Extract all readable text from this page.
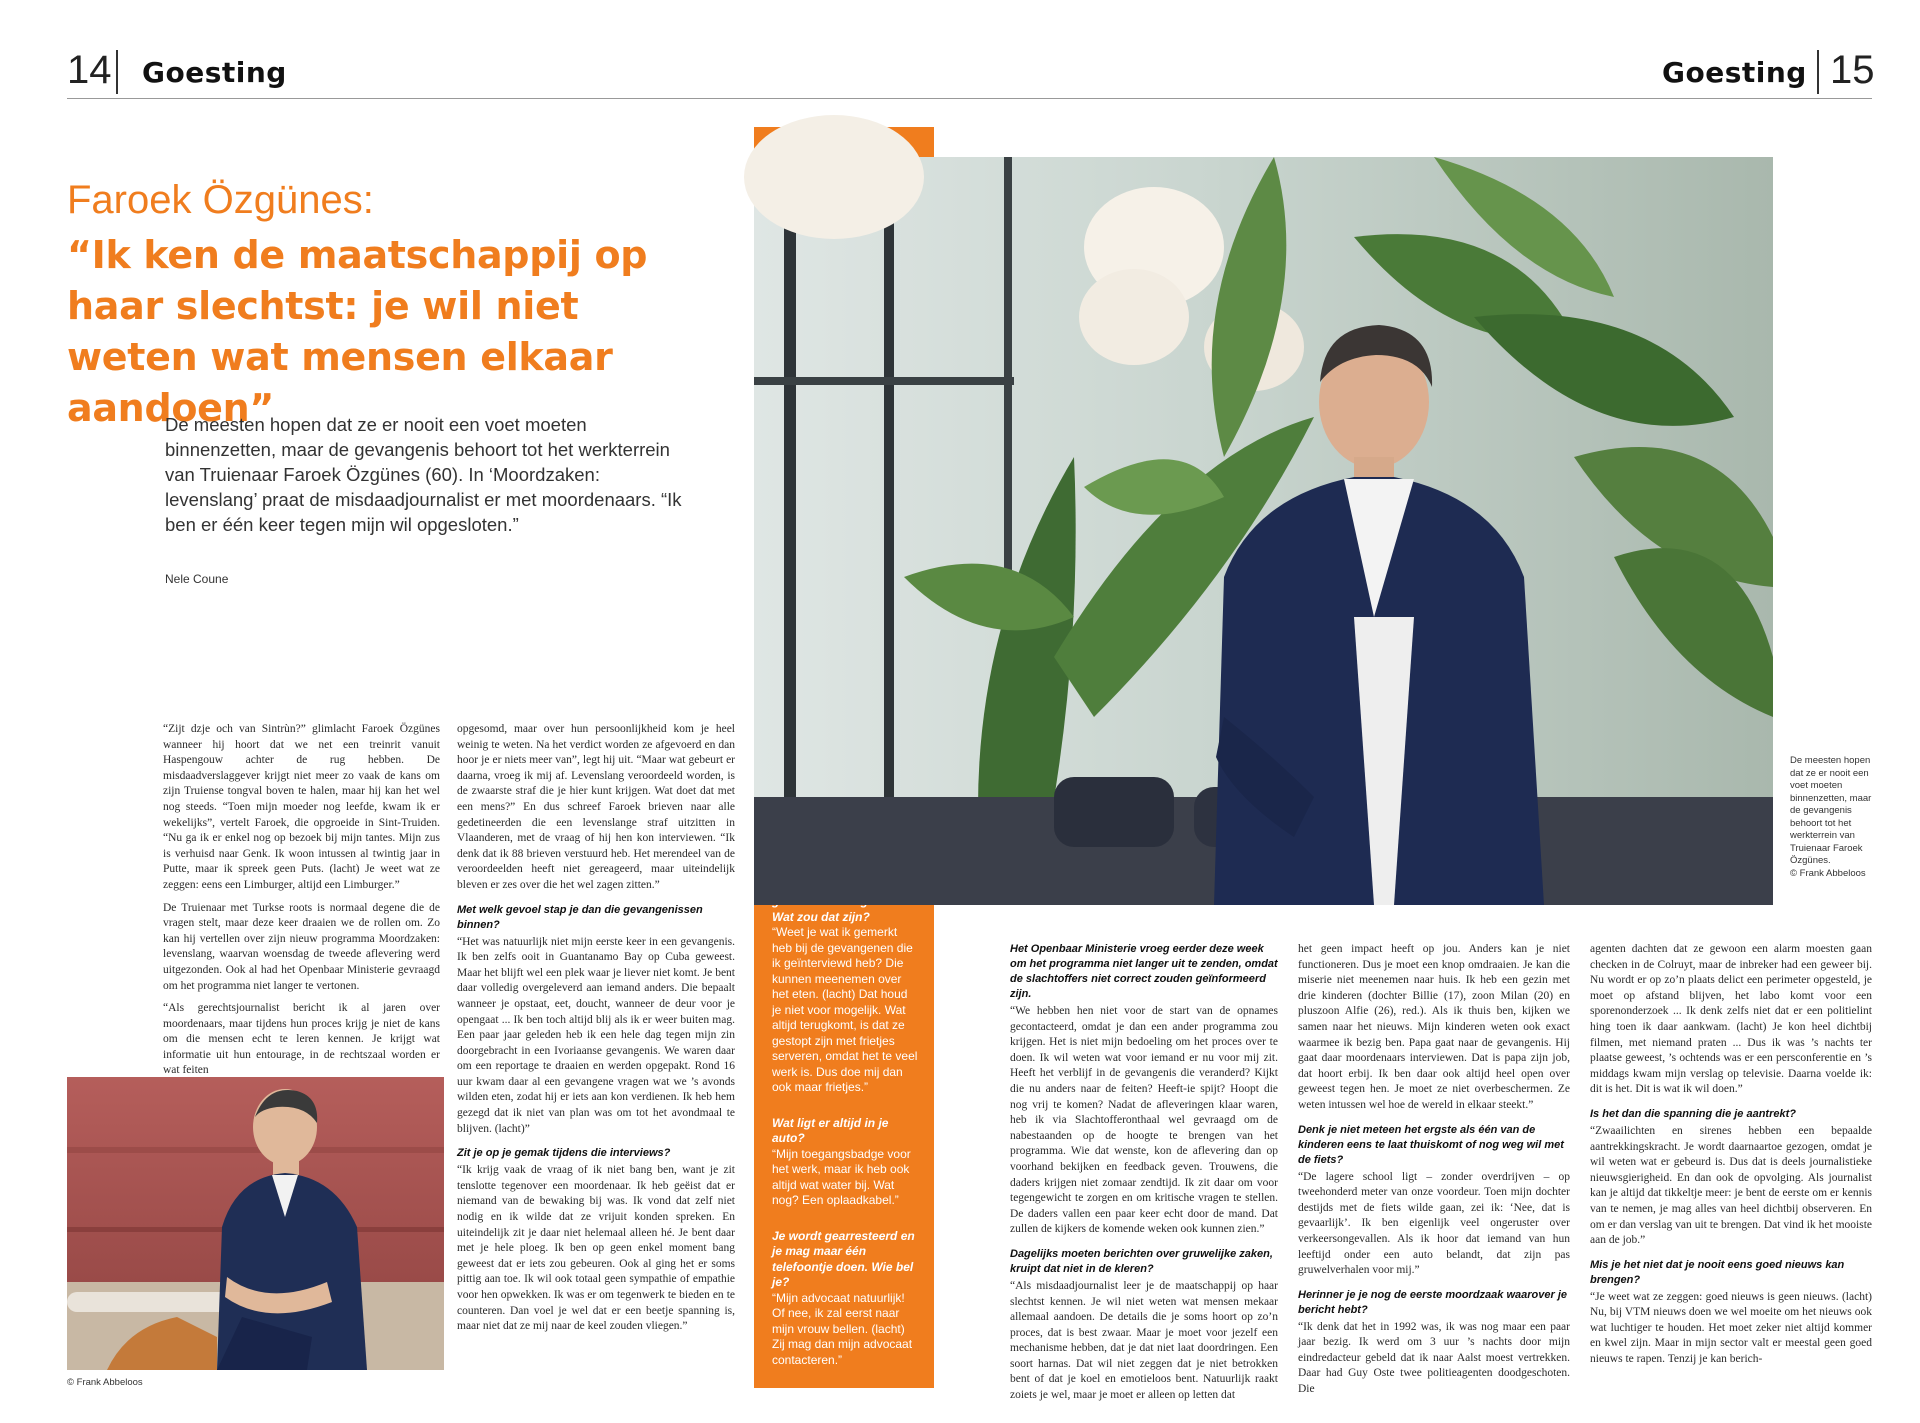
14 Goesting	Goesting 15
Faroek Özgünes:
“Ik ken de maatschappij op haar slechtst: je wil niet weten wat mensen elkaar aandoen”
De meesten hopen dat ze er nooit een voet moeten binnenzetten, maar de gevangenis behoort tot het werkterrein van Truienaar Faroek Özgünes (60). In ‘Moordzaken: levenslang’ praat de misdaadjournalist er met moordenaars. “Ik ben er één keer tegen mijn wil opgesloten.”
Nele Coune

“Zijt dzje och van Sintrùn?” glimlacht Faroek Özgünes wanneer hij hoort dat we net een treinrit vanuit Haspengouw achter de rug hebben. De misdaadverslaggever krijgt niet meer zo vaak de kans om zijn Truiense tongval boven te halen, maar hij kan het wel nog steeds. “Toen mijn moeder nog leefde, kwam ik er wekelijks”, vertelt Faroek, die opgroeide in Sint-Truiden. “Nu ga ik er enkel nog op bezoek bij mijn tantes. Mijn zus is verhuisd naar Genk. Ik woon intussen al twintig jaar in Putte, maar ik spreek geen Puts. (lacht) Je weet wat ze zeggen: eens een Limburger, altijd een Limburger.”

De Truienaar met Turkse roots is normaal degene die de vragen stelt, maar deze keer draaien we de rollen om. Zo kan hij vertellen over zijn nieuw programma Moordzaken: levenslang, waarvan woensdag de tweede aflevering werd uitgezonden. Ook al had het Openbaar Ministerie gevraagd om het programma niet langer te vertonen.

“Als gerechtsjournalist bericht ik al jaren over moordenaars, maar tijdens hun proces krijg je niet de kans om die mensen echt te leren kennen. Je krijgt wat informatie uit hun entourage, in de rechtszaal worden er wat feiten

© Frank Abbeloos

opgesomd, maar over hun persoonlijkheid kom je heel weinig te weten. Na het verdict worden ze afgevoerd en dan hoor je er niets meer van”, legt hij uit. “Maar wat gebeurt er daarna, vroeg ik mij af. Levenslang veroordeeld worden, is de zwaarste straf die je hier kunt krijgen. Wat doet dat met een mens?” En dus schreef Faroek brieven naar alle gedetineerden die een levenslange straf uitzitten in Vlaanderen, met de vraag of hij hen kon interviewen. “Ik denk dat ik 88 brieven verstuurd heb. Het merendeel van de veroordeelden heeft niet gereageerd, maar uiteindelijk bleven er zes over die het wel zagen zitten.”

Met welk gevoel stap je dan die gevangenissen binnen?

“Het was natuurlijk niet mijn eerste keer in een gevangenis. Ik ben zelfs ooit in Guantanamo Bay op Cuba geweest. Maar het blijft wel een plek waar je liever niet komt. Je bent daar volledig overgeleverd aan iemand anders. Die bepaalt wanneer je opstaat, eet, doucht, wanneer de deur voor je opengaat ... Ik ben toch altijd blij als ik er weer buiten mag. Een paar jaar geleden heb ik een hele dag tegen mijn zin doorgebracht in een Ivoriaanse gevangenis. We waren daar om een reportage te draaien en werden opgepakt. Rond 16 uur kwam daar al een gevangene vragen wat we ’s avonds wilden eten, zodat hij er iets aan kon verdienen. Ik heb hem gezegd dat ik niet van plan was om tot het avondmaal te blijven. (lacht)”

Zit je op je gemak tijdens die interviews?

“Ik krijg vaak de vraag of ik niet bang ben, want je zit tenslotte tegenover een moordenaar. Ik heb geëist dat er niemand van de bewaking bij was. Ik vond dat zelf niet nodig en ik wilde dat ze vrijuit konden spreken. En uiteindelijk zit je daar niet helemaal alleen hé. Je bent daar met je hele ploeg. Ik ben op geen enkel moment bang geweest dat er iets zou gebeuren. Ook al ging het er soms pittig aan toe. Ik wil ook totaal geen sympathie of empathie voor hen opwekken. Ik was er om tegenwerk te bieden en te counteren. Dan voel je wel dat er een beetje spanning is, maar niet dat ze mij naar de keel zouden vliegen.”

Wat zou dat zijn?
“Weet je wat ik gemerkt heb bij de gevangenen die ik geïnterviewd heb? Die kunnen meenemen over het eten. (lacht) Dat houd je niet voor mogelijk. Wat altijd terugkomt, is dat ze gestopt zijn met frietjes serveren, omdat het te veel werk is. Dus doe mij dan ook maar frietjes.”
Wat ligt er altijd in je auto?
“Mijn toegangsbadge voor het werk, maar ik heb ook altijd wat water bij. Wat nog? Een oplaadkabel.”
Je wordt gearresteerd en je mag maar één telefoontje doen. Wie bel je?
“Mijn advocaat natuurlijk! Of nee, ik zal eerst naar mijn vrouw bellen. (lacht) Zij mag dan mijn advocaat contacteren.”
De meesten hopen dat ze er nooit een voet moeten binnenzetten, maar de gevangenis behoort tot het werkterrein van Truienaar Faroek Özgünes.
© Frank Abbeloos
Het Openbaar Ministerie vroeg eerder deze week om het programma niet langer uit te zenden, omdat de slachtoffers niet correct zouden geïnformeerd zijn.

“We hebben hen niet voor de start van de opnames gecontacteerd, omdat je dan een ander programma zou krijgen. Het is niet mijn bedoeling om het proces over te doen. Ik wil weten wat voor iemand er nu voor mij zit. Heeft het verblijf in de gevangenis die veranderd? Kijkt die nu anders naar de feiten? Heeft-ie spijt? Hoopt die nog vrij te komen? Nadat de afleveringen klaar waren, heb ik via Slachtofferonthaal wel gevraagd om de nabestaanden op de hoogte te brengen van het programma. Wie dat wenste, kon de aflevering dan op voorhand bekijken en feedback geven. Trouwens, die daders krijgen niet zomaar zendtijd. Ik zit daar om voor tegengewicht te zorgen en om kritische vragen te stellen. De daders vallen een paar keer echt door de mand. Dat zullen de kijkers de komende weken ook kunnen zien.”

Dagelijks moeten berichten over gruwelijke zaken, kruipt dat niet in de kleren?

“Als misdaadjournalist leer je de maatschappij op haar slechtst kennen. Je wil niet weten wat mensen mekaar allemaal aandoen. De details die je soms hoort op zo’n proces, dat is best zwaar. Maar je moet voor jezelf een mechanisme hebben, dat je dat niet laat doordringen. Een soort harnas. Dat wil niet zeggen dat je niet betrokken bent of dat je koel en emotieloos bent. Natuurlijk raakt zoiets je wel, maar je moet er alleen op letten dat

het geen impact heeft op jou. Anders kan je niet functioneren. Dus je moet een knop omdraaien. Je kan die miserie niet meenemen naar huis. Ik heb een gezin met drie kinderen (dochter Billie (17), zoon Milan (20) en pluszoon Alfie (26), red.). Als ik thuis ben, kijken we samen naar het nieuws. Mijn kinderen weten ook exact waarmee ik bezig ben. Papa gaat naar de gevangenis. Hij gaat daar moordenaars interviewen. Dat is papa zijn job, dat hoort erbij. Ik ben daar ook altijd heel open over geweest tegen hen. Je moet ze niet overbeschermen. Ze weten intussen wel hoe de wereld in elkaar steekt.”

Denk je niet meteen het ergste als één van de kinderen eens te laat thuiskomt of nog weg wil met de fiets?

“De lagere school ligt – zonder overdrijven – op tweehonderd meter van onze voordeur. Toen mijn dochter destijds met de fiets wilde gaan, zei ik: ‘Nee, dat is gevaarlijk’. Ik ben eigenlijk veel ongeruster over verkeersongevallen. Als ik hoor dat iemand van hun leeftijd onder een auto belandt, dat zijn pas gruwelverhalen voor mij.”

Herinner je je nog de eerste moordzaak waarover je bericht hebt?

“Ik denk dat het in 1992 was, ik was nog maar een paar jaar bezig. Ik werd om 3 uur ’s nachts door mijn eindredacteur gebeld dat ik naar Aalst moest vertrekken. Daar had Guy Oste twee politieagenten doodgeschoten. Die

agenten dachten dat ze gewoon een alarm moesten gaan checken in de Colruyt, maar de inbreker had een geweer bij. Nu wordt er op zo’n plaats delict een perimeter opgesteld, je moet op afstand blijven, het labo komt voor een sporenonderzoek ... Ik denk zelfs niet dat er een politielint hing toen ik daar aankwam. (lacht) Je kon heel dichtbij filmen, met niemand praten ... Dus ik was ’s nachts ter plaatse geweest, ’s ochtends was er een persconferentie en ’s middags kwam mijn verslag op televisie. Daarna voelde ik: dit is het. Dit is wat ik wil doen.”

Is het dan die spanning die je aantrekt?

“Zwaailichten en sirenes hebben een bepaalde aantrekkingskracht. Je wordt daarnaartoe gezogen, omdat je wil weten wat er gebeurd is. Dus dat is deels journalistieke nieuwsgierigheid. En dan ook de opvolging. Als journalist kan je altijd dat tikkeltje meer: je bent de eerste om er kennis van te nemen, je mag alles van heel dichtbij observeren. En om er dan verslag van uit te brengen. Dat vind ik het mooiste aan de job.”

Mis je het niet dat je nooit eens goed nieuws kan brengen?

“Je weet wat ze zeggen: goed nieuws is geen nieuws. (lacht) Nu, bij VTM nieuws doen we wel moeite om het nieuws ook wat luchtiger te houden. Het moet zeker niet altijd kommer en kwel zijn. Maar in mijn sector valt er meestal geen goed nieuws te rapen. Tenzij je kan berich-
